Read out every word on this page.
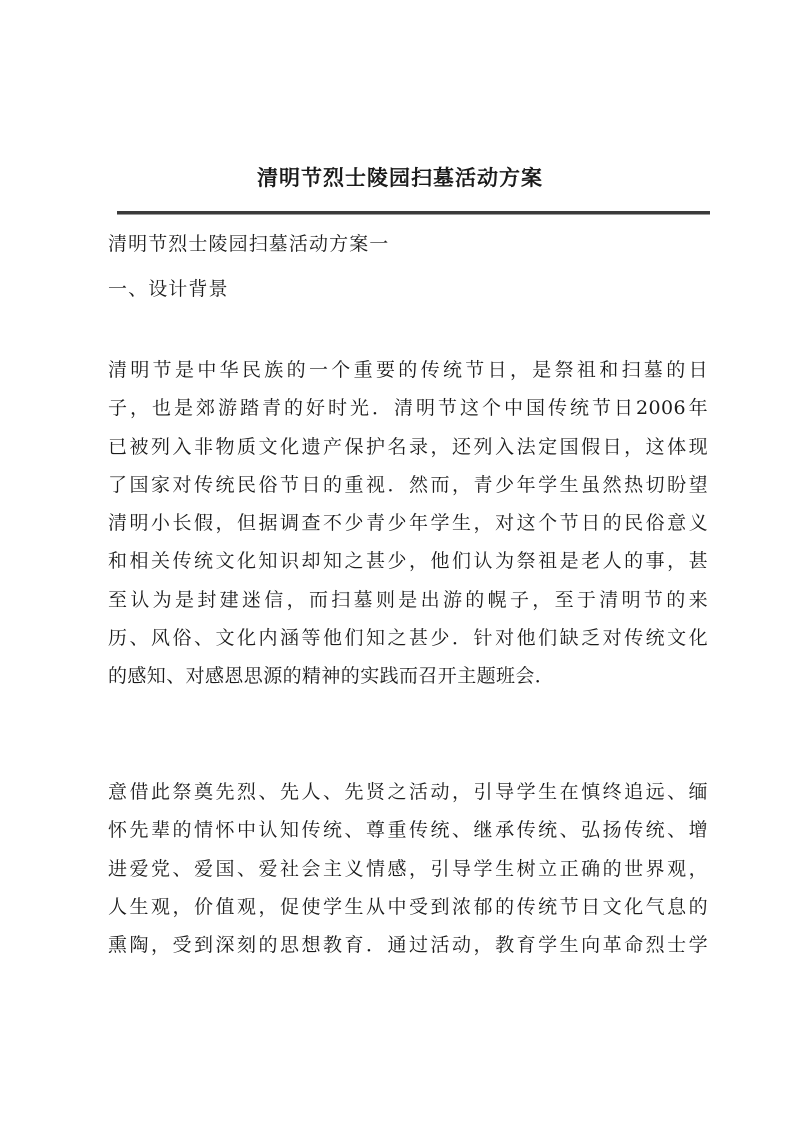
清明节烈士陵园扫墓活动方案
清明节烈士陵园扫墓活动方案一
一、设计背景
清明节是中华民族的一个重要的传统节日，是祭祖和扫墓的日
子，也是郊游踏青的好时光．清明节这个中国传统节日2006年
已被列入非物质文化遗产保护名录，还列入法定国假日，这体现
了国家对传统民俗节日的重视．然而，青少年学生虽然热切盼望
清明小长假，但据调查不少青少年学生，对这个节日的民俗意义
和相关传统文化知识却知之甚少，他们认为祭祖是老人的事，甚
至认为是封建迷信，而扫墓则是出游的幌子，至于清明节的来
历、风俗、文化内涵等他们知之甚少．针对他们缺乏对传统文化
的感知、对感恩思源的精神的实践而召开主题班会．
意借此祭奠先烈、先人、先贤之活动，引导学生在慎终追远、缅
怀先辈的情怀中认知传统、尊重传统、继承传统、弘扬传统、增
进爱党、爱国、爱社会主义情感，引导学生树立正确的世界观，
人生观，价值观，促使学生从中受到浓郁的传统节日文化气息的
熏陶，受到深刻的思想教育．通过活动，教育学生向革命烈士学
